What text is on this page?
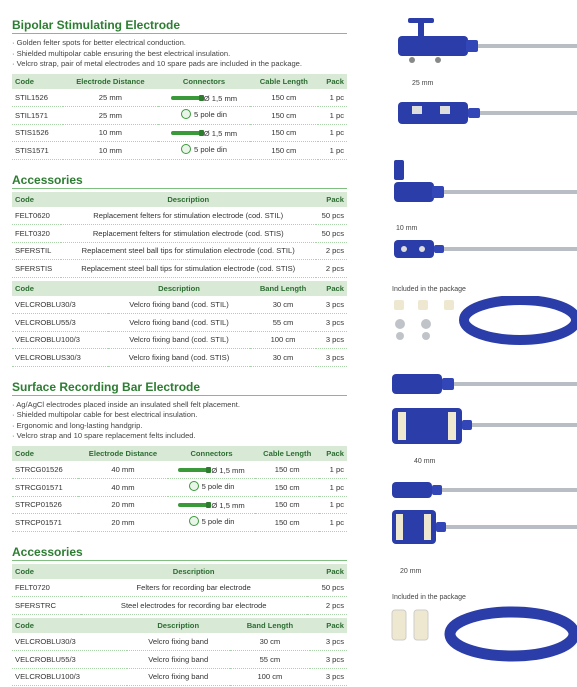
Bipolar Stimulating Electrode
· Golden felter spots for better electrical conduction.
· Shielded multipolar cable ensuring the best electrical insulation.
· Velcro strap, pair of metal electrodes and 10 spare pads are included in the package.
Code	Electrode Distance	Connectors	Cable Length	Pack
STIL1526	25 mm	Ø 1,5 mm	150 cm	1 pc
STIL1571	25 mm	5 pole din	150 cm	1 pc
STIS1526	10 mm	Ø 1,5 mm	150 cm	1 pc
STIS1571	10 mm	5 pole din	150 cm	1 pc
Accessories
Code	Description	Pack
FELT0620	Replacement felters for stimulation electrode (cod. STIL)	50 pcs
FELT0320	Replacement felters for stimulation electrode (cod. STIS)	50 pcs
SFERSTIL	Replacement steel ball tips for stimulation electrode (cod. STIL)	2 pcs
SFERSTIS	Replacement steel ball tips for stimulation electrode (cod. STIS)	2 pcs
Code	Description	Band Length	Pack
VELCROBLU30/3	Velcro fixing band (cod. STIL)	30 cm	3 pcs
VELCROBLU55/3	Velcro fixing band (cod. STIL)	55 cm	3 pcs
VELCROBLU100/3	Velcro fixing band (cod. STIL)	100 cm	3 pcs
VELCROBLUS30/3	Velcro fixing band (cod. STIS)	30 cm	3 pcs
Surface Recording Bar Electrode
· Ag/AgCl electrodes placed inside an insulated shell felt placement.
· Shielded multipolar cable for best electrical insulation.
· Ergonomic and long-lasting handgrip.
· Velcro strap and 10 spare replacement felts included.
Code	Electrode Distance	Connectors	Cable Length	Pack
STRCG01526	40 mm	Ø 1,5 mm	150 cm	1 pc
STRCG01571	40 mm	5 pole din	150 cm	1 pc
STRCP01526	20 mm	Ø 1,5 mm	150 cm	1 pc
STRCP01571	20 mm	5 pole din	150 cm	1 pc
Accessories
Code	Description	Pack
FELT0720	Felters for recording bar electrode	50 pcs
SFERSTRC	Steel electrodes for recording bar electrode	2 pcs
Code	Description	Band Length	Pack
VELCROBLU30/3	Velcro fixing band	30 cm	3 pcs
VELCROBLU55/3	Velcro fixing band	55 cm	3 pcs
VELCROBLU100/3	Velcro fixing band	100 cm	3 pcs
25 mm
10 mm
Included in the package
40 mm
20 mm
Included in the package
